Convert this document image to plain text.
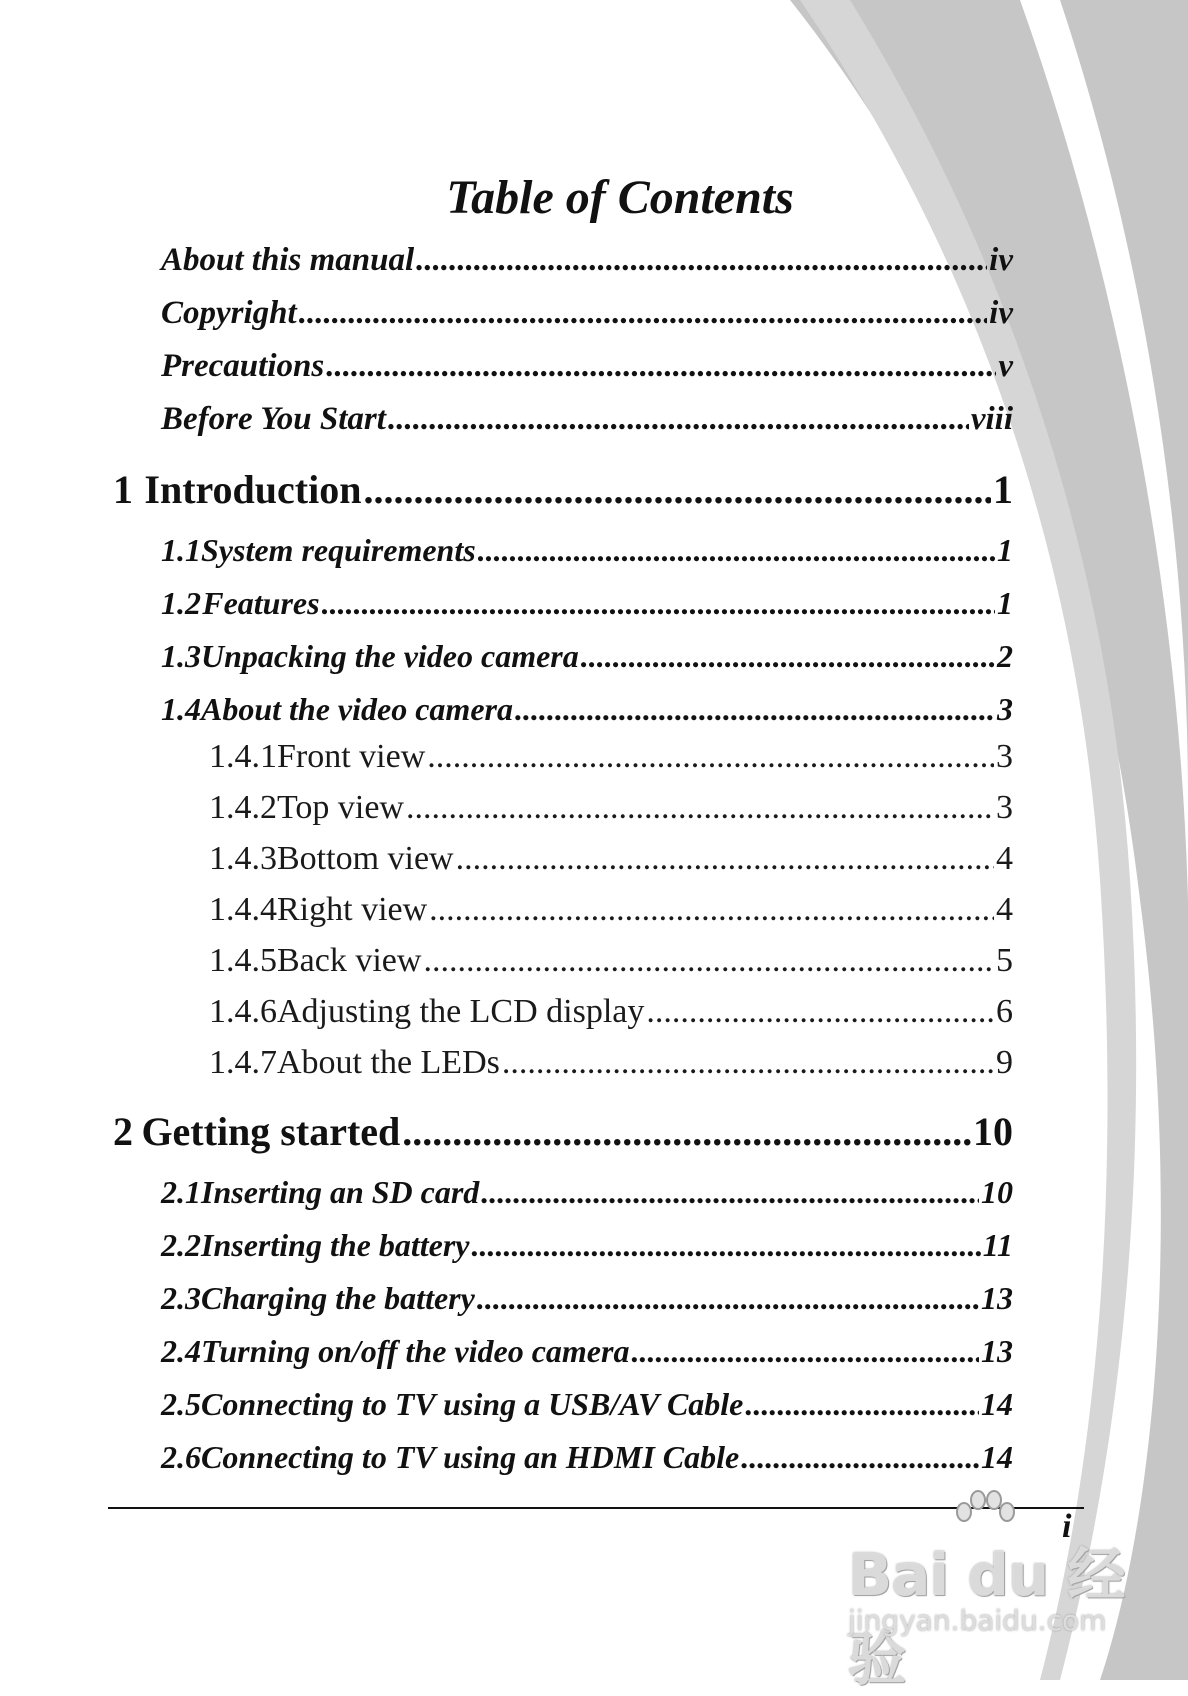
Table of Contents
About this manual .....	iv
Copyright .....	iv
Precautions .....	v
Before You Start .....	viii
1 Introduction .....	1
1.1 System requirements .....	1
1.2 Features .....	1
1.3 Unpacking the video camera .....	2
1.4 About the video camera .....	3
1.4.1 Front view .....	3
1.4.2 Top view .....	3
1.4.3 Bottom view .....	4
1.4.4 Right view .....	4
1.4.5 Back view .....	5
1.4.6 Adjusting the LCD display .....	6
1.4.7 About the LEDs .....	9
2 Getting started .....	10
2.1 Inserting an SD card .....	10
2.2 Inserting the battery .....	11
2.3 Charging the battery .....	13
2.4 Turning on/off the video camera .....	13
2.5 Connecting to TV using a USB/AV Cable .....	14
2.6 Connecting to TV using an HDMI Cable .....	14
i
Bai du 经验
jingyan.baidu.com
